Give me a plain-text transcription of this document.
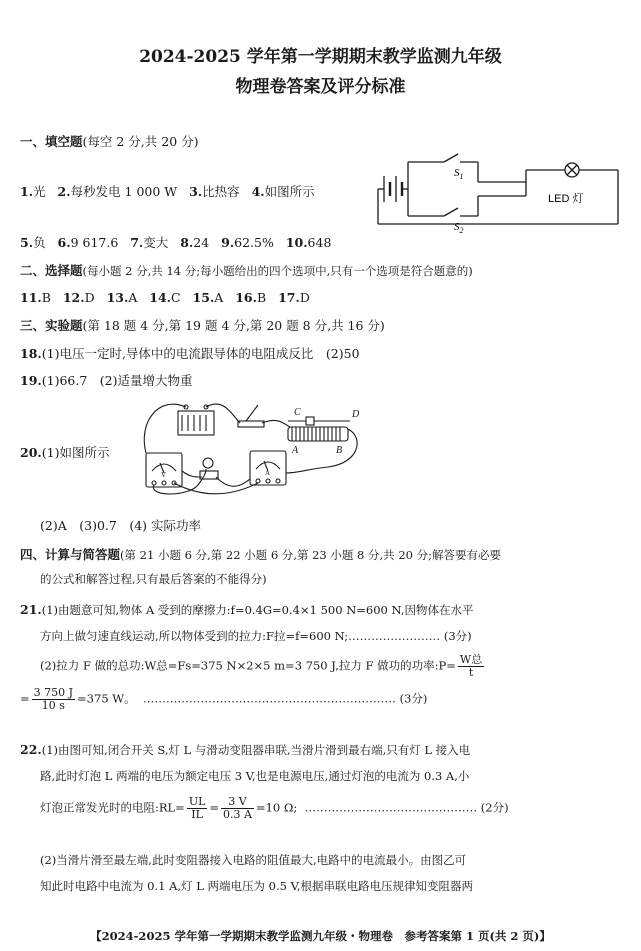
2024-2025 学年第一学期期末教学监测九年级
物理卷答案及评分标准
一、填空题(每空 2 分,共 20 分)
1.光 2.每秒发电 1 000 W 3.比热容 4.如图所示
$S_1$
$S_2$
LED 灯
5.负 6.9 617.6 7.变大 8.24 9.62.5% 10.648
二、选择题(每小题 2 分,共 14 分;每小题给出的四个选项中,只有一个选项是符合题意的)
11.B 12.D 13.A 14.C 15.A 16.B 17.D
三、实验题(第 18 题 4 分,第 19 题 4 分,第 20 题 8 分,共 16 分)
18.(1)电压一定时,导体中的电流跟导体的电阻成反比　(2)50
19.(1)66.7　(2)适量增大物重
20.(1)如图所示
C	D
A	B
V	A
(2)A　(3)0.7　(4) 实际功率
四、计算与简答题(第 21 小题 6 分,第 22 小题 6 分,第 23 小题 8 分,共 20 分;解答要有必要
的公式和解答过程,只有最后答案的不能得分)
21.(1)由题意可知,物体 A 受到的摩擦力:f=0.4G=0.4×1 500 N=600 N,因物体在水平
方向上做匀速直线运动,所以物体受到的拉力:F拉=f=600 N;…………………… (3分)
(2)拉力 F 做的总功:W总=Fs=375 N×2×5 m=3 750 J,拉力 F 做功的功率:P= $\frac{\text{W总}}{t}$
= $\frac{3 750 J}{10 s} =375$ W。 ………………………………………………………… (3分)
22.(1)由图可知,闭合开关 S,灯 L 与滑动变阻器串联,当滑片滑到最右端,只有灯 L 接入电
路,此时灯泡 L 两端的电压为额定电压 3 V,也是电源电压,通过灯泡的电流为 0.3 A,小
灯泡正常发光时的电阻:RL= $\frac{UL}{IL} = \frac{3 V}{0.3 A} =10$ Ω; ……………………………………… (2分)
(2)当滑片滑至最左端,此时变阻器接入电路的阻值最大,电路中的电流最小。由图乙可
知此时电路中电流为 0.1 A,灯 L 两端电压为 0.5 V,根据串联电路电压规律知变阻器两
【2024-2025 学年第一学期期末教学监测九年级・物理卷　参考答案第 1 页(共 2 页)】
